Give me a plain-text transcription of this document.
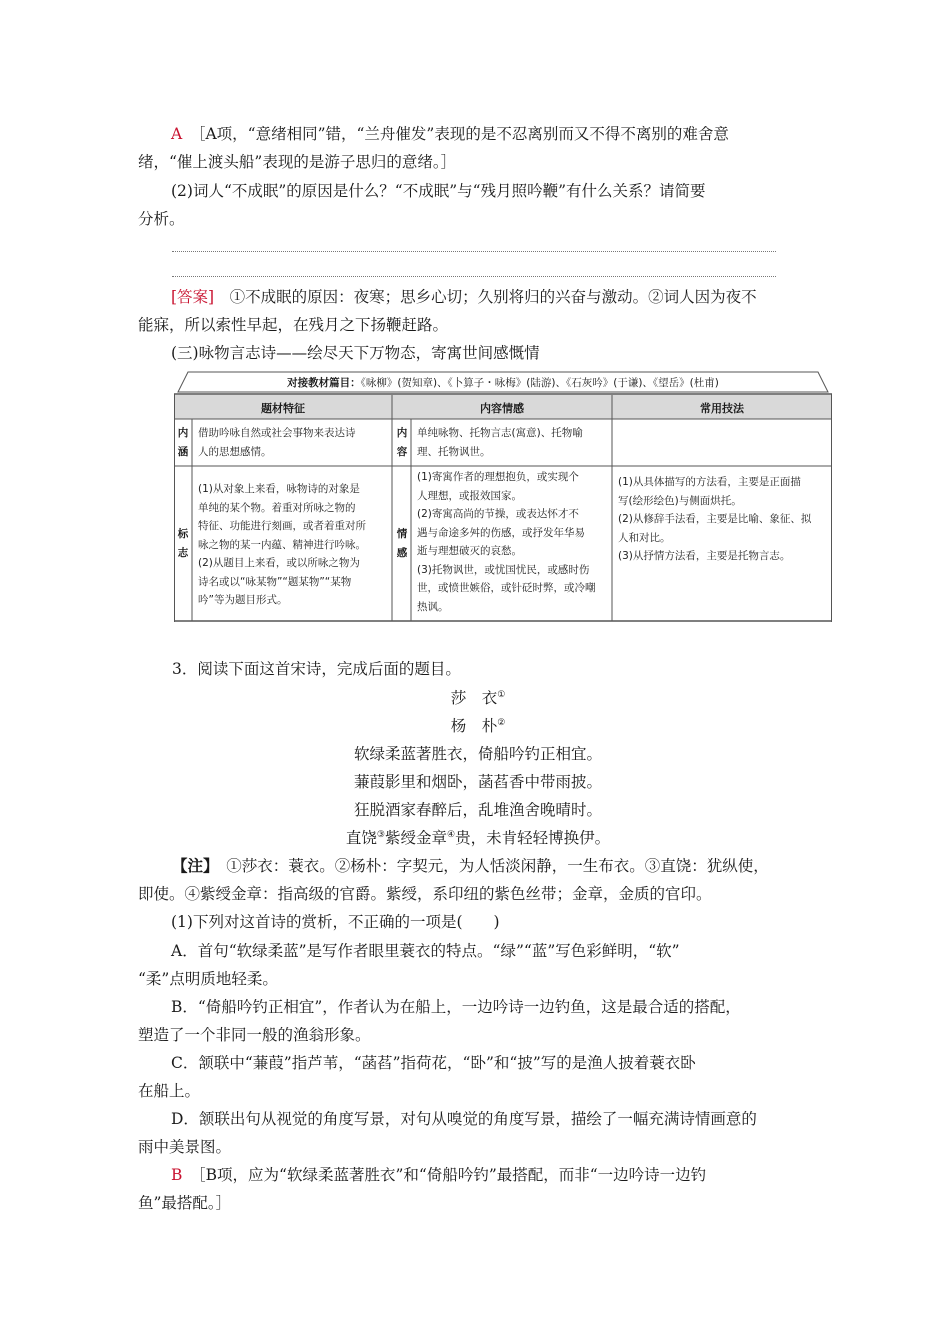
A　 ［A项，“意绪相同”错，“兰舟催发”表现的是不忍离别而又不得不离别的难舍意

绪，“催上渡头船”表现的是游子思归的意绪。］

(2)词人“不成眠”的原因是什么？“不成眠”与“残月照吟鞭”有什么关系？请简要

分析。

[答案]　 ①不成眠的原因：夜寒；思乡心切；久别将归的兴奋与激动。②词人因为夜不

能寐，所以索性早起，在残月之下扬鞭赶路。

(三)咏物言志诗——绘尽天下万物态，寄寓世间感慨情

对接教材篇目：《咏柳》(贺知章)、《卜算子・咏梅》(陆游)、《石灰吟》(于谦)、《望岳》(杜甫)
题材特征	内容情感	常用技法
内
涵
借助吟咏自然或社会事物来表达诗
人的思想感情。
内
容
单纯咏物、托物言志(寓意)、托物喻
理、托物讽世。
标
志
(1)从对象上来看，咏物诗的对象是
单纯的某个物。着重对所咏之物的
特征、功能进行刻画，或者着重对所
咏之物的某一内蕴、精神进行吟咏。
(2)从题目上来看，或以所咏之物为
诗名或以“咏某物”“题某物”“某物
吟”等为题目形式。
情
感
(1)寄寓作者的理想抱负，或实现个
人理想，或报效国家。
(2)寄寓高尚的节操，或表达怀才不
遇与命途多舛的伤感，或抒发年华易
逝与理想破灭的哀愁。
(3)托物讽世，或忧国忧民，或感时伤
世，或愤世嫉俗，或针砭时弊，或冷嘲
热讽。
(1)从具体描写的方法看，主要是正面描
写(绘形绘色)与侧面烘托。
(2)从修辞手法看，主要是比喻、象征、拟
人和对比。
(3)从抒情方法看，主要是托物言志。

3．阅读下面这首宋诗，完成后面的题目。

莎　衣①

杨　朴②

软绿柔蓝著胜衣，倚船吟钓正相宜。

蒹葭影里和烟卧，菡萏香中带雨披。

狂脱酒家春醉后，乱堆渔舍晚晴时。

直饶③紫绶金章④贵，未肯轻轻博换伊。

【注】　 ①莎衣：蓑衣。②杨朴：字契元，为人恬淡闲静，一生布衣。③直饶：犹纵使，

即使。④紫绶金章：指高级的官爵。紫绶，系印纽的紫色丝带；金章，金质的官印。

(1)下列对这首诗的赏析，不正确的一项是(　　)

A．首句“软绿柔蓝”是写作者眼里蓑衣的特点。“绿”“蓝”写色彩鲜明，“软”

“柔”点明质地轻柔。

B．“倚船吟钓正相宜”，作者认为在船上，一边吟诗一边钓鱼，这是最合适的搭配，

塑造了一个非同一般的渔翁形象。

C．颔联中“蒹葭”指芦苇，“菡萏”指荷花，“卧”和“披”写的是渔人披着蓑衣卧

在船上。

D．颔联出句从视觉的角度写景，对句从嗅觉的角度写景，描绘了一幅充满诗情画意的

雨中美景图。

B　 ［B项，应为“软绿柔蓝著胜衣”和“倚船吟钓”最搭配，而非“一边吟诗一边钓

鱼”最搭配。］
